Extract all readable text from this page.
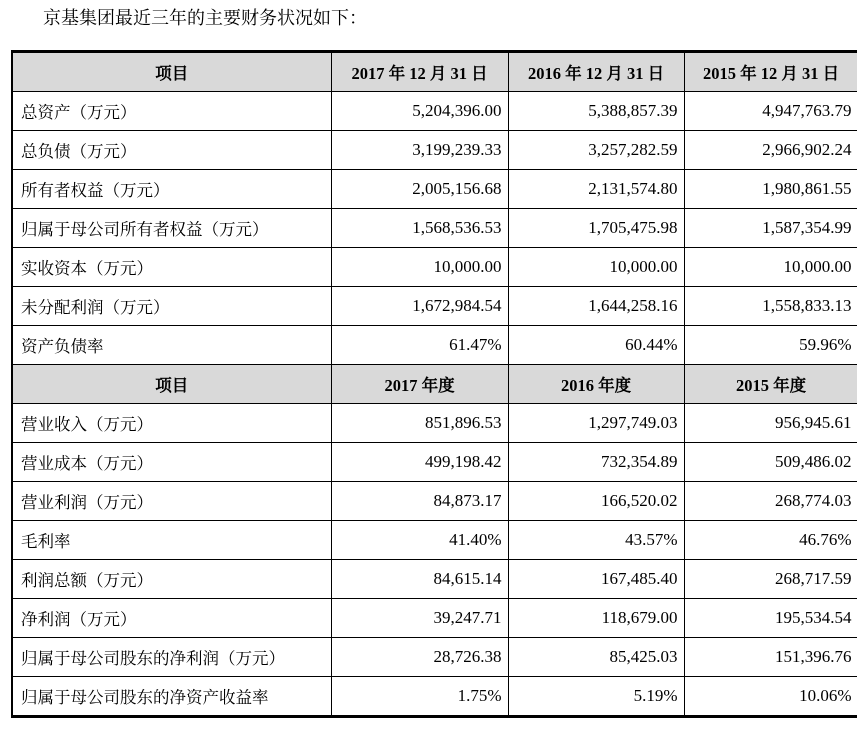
京基集团最近三年的主要财务状况如下：
项目	2017 年 12 月 31 日	2016 年 12 月 31 日	2015 年 12 月 31 日
总资产（万元）	5,204,396.00	5,388,857.39	4,947,763.79
总负债（万元）	3,199,239.33	3,257,282.59	2,966,902.24
所有者权益（万元）	2,005,156.68	2,131,574.80	1,980,861.55
归属于母公司所有者权益（万元）	1,568,536.53	1,705,475.98	1,587,354.99
实收资本（万元）	10,000.00	10,000.00	10,000.00
未分配利润（万元）	1,672,984.54	1,644,258.16	1,558,833.13
资产负债率	61.47%	60.44%	59.96%
项目	2017 年度	2016 年度	2015 年度
营业收入（万元）	851,896.53	1,297,749.03	956,945.61
营业成本（万元）	499,198.42	732,354.89	509,486.02
营业利润（万元）	84,873.17	166,520.02	268,774.03
毛利率	41.40%	43.57%	46.76%
利润总额（万元）	84,615.14	167,485.40	268,717.59
净利润（万元）	39,247.71	118,679.00	195,534.54
归属于母公司股东的净利润（万元）	28,726.38	85,425.03	151,396.76
归属于母公司股东的净资产收益率	1.75%	5.19%	10.06%
